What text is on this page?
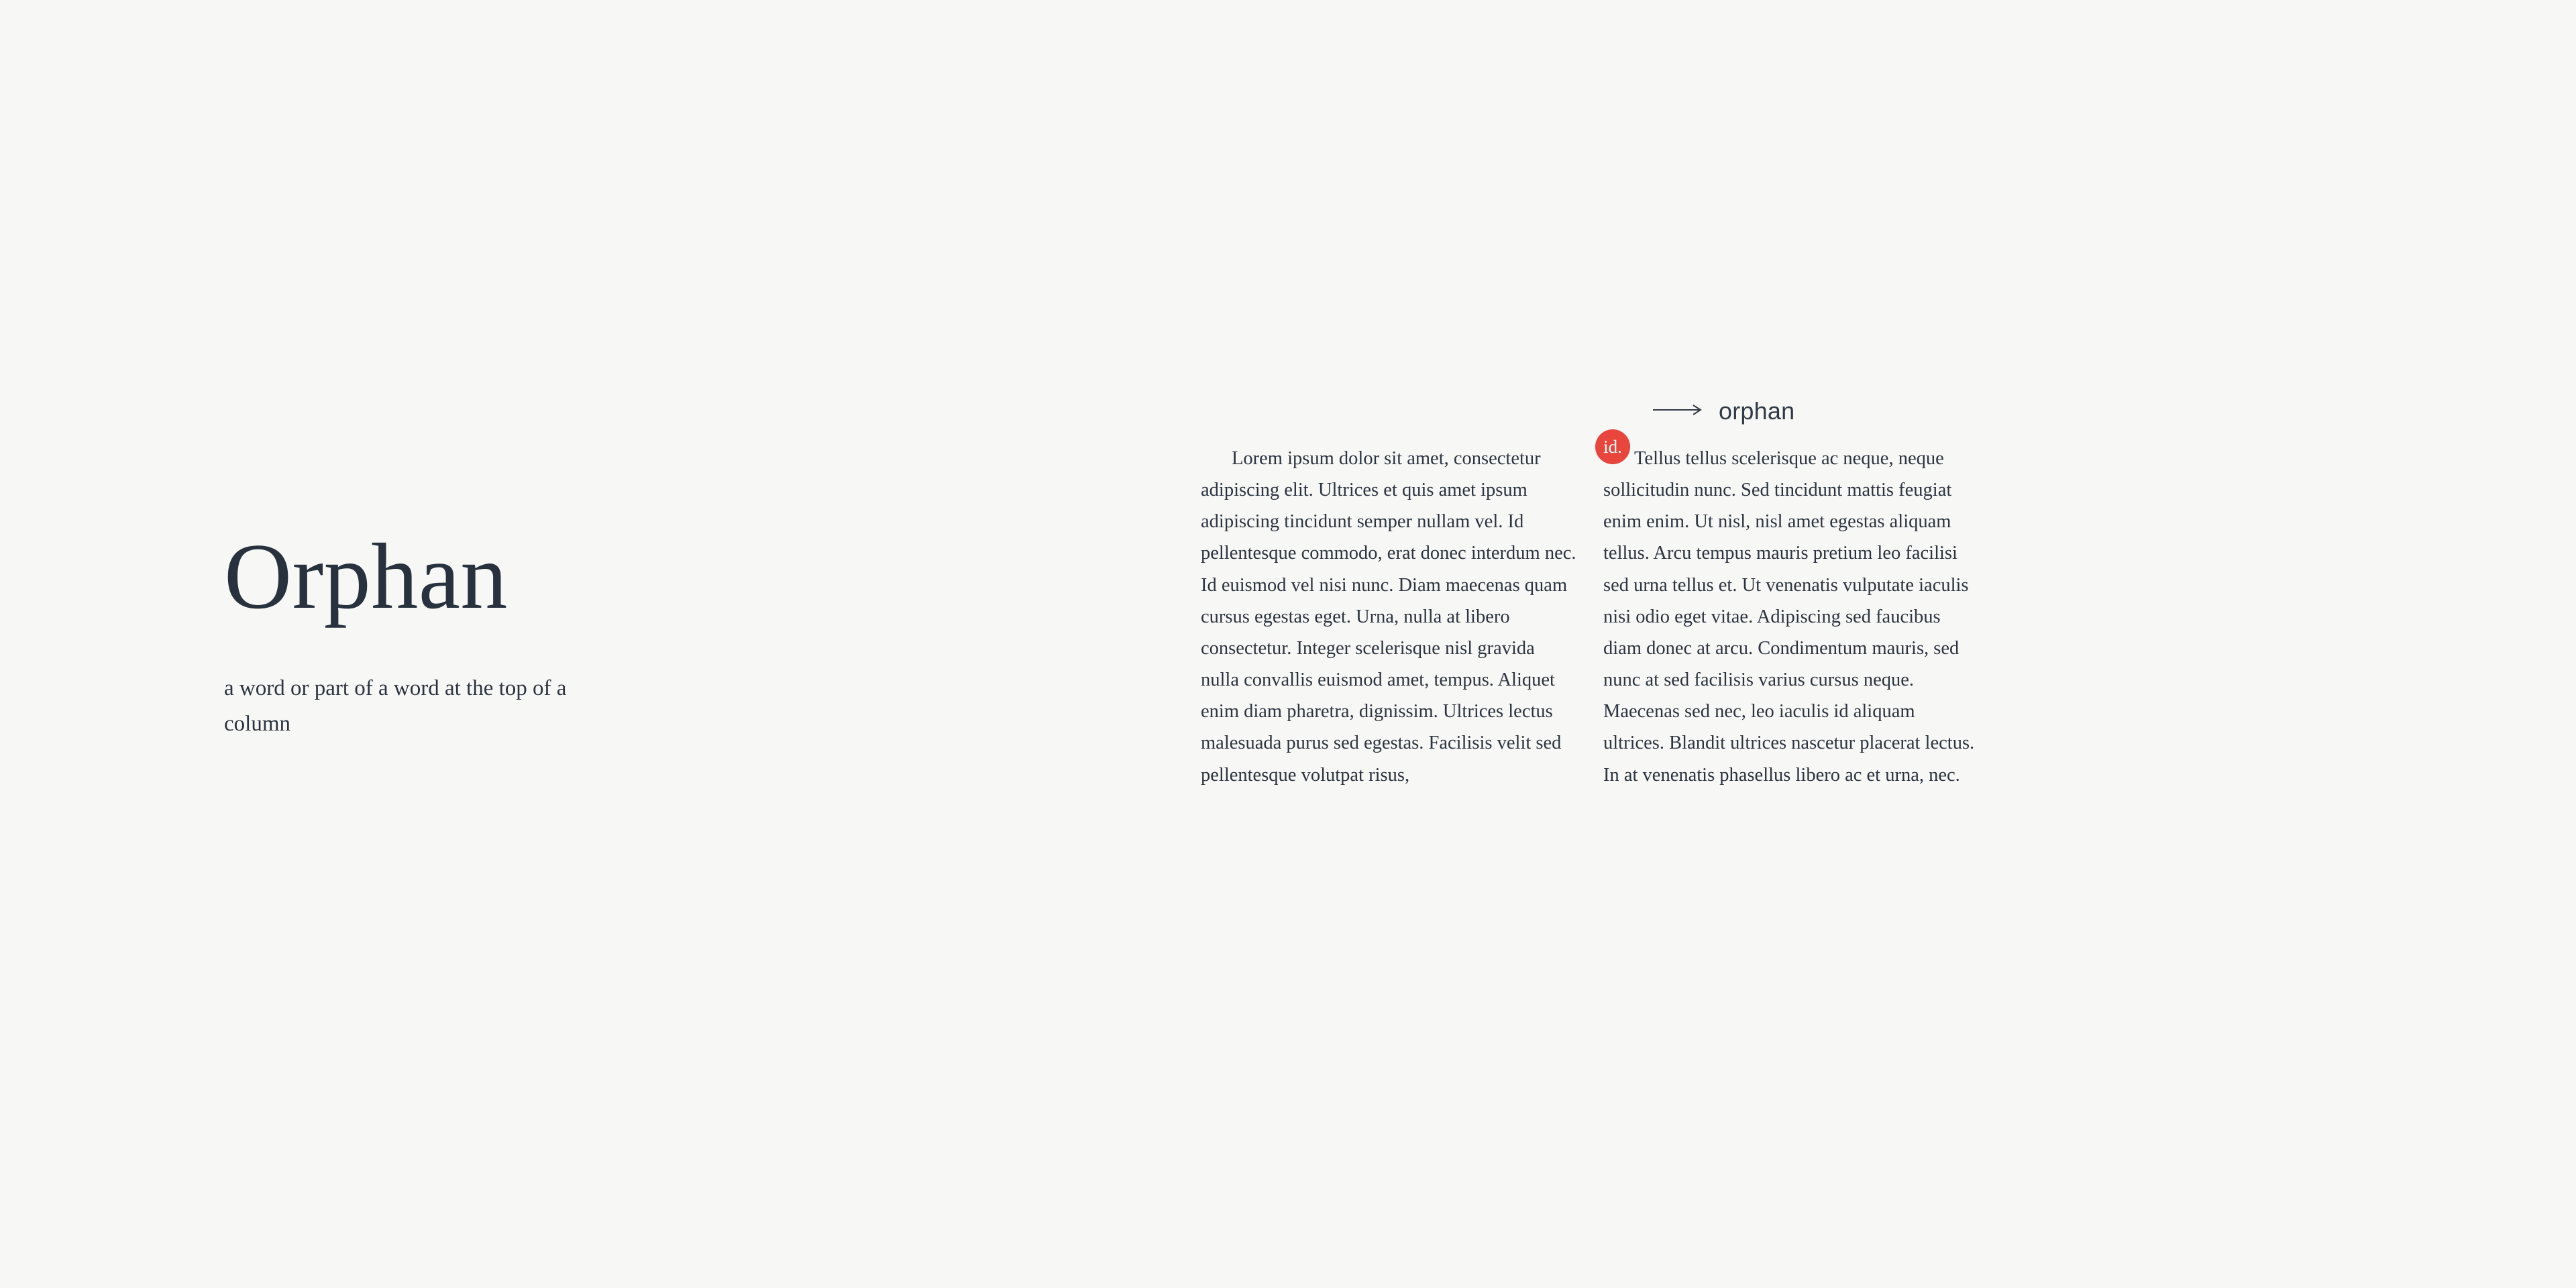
Orphan
a word or part of a word at the top of a column

Lorem ipsum dolor sit amet, consectetur adipiscing elit. Ultrices et quis amet ipsum adipiscing tincidunt semper nullam vel. Id pellentesque commodo, erat donec interdum nec. Id euismod vel nisi nunc. Diam maecenas quam cursus egestas eget. Urna, nulla at libero consectetur. Integer scelerisque nisl gravida nulla convallis euismod amet, tempus. Aliquet enim diam pharetra, dignissim. Ultrices lectus malesuada purus sed egestas. Facilisis velit sed pellentesque volutpat risus,

Tellus tellus scelerisque ac neque, neque sollicitudin nunc. Sed tincidunt mattis feugiat enim enim. Ut nisl, nisl amet egestas aliquam tellus. Arcu tempus mauris pretium leo facilisi sed urna tellus et. Ut venenatis vulputate iaculis nisi odio eget vitae. Adipiscing sed faucibus diam donec at arcu. Condimentum mauris, sed nunc at sed facilisis varius cursus neque. Maecenas sed nec, leo iaculis id aliquam ultrices. Blandit ultrices nascetur placerat lectus. In at venenatis phasellus libero ac et urna, nec.

id.
orphan
